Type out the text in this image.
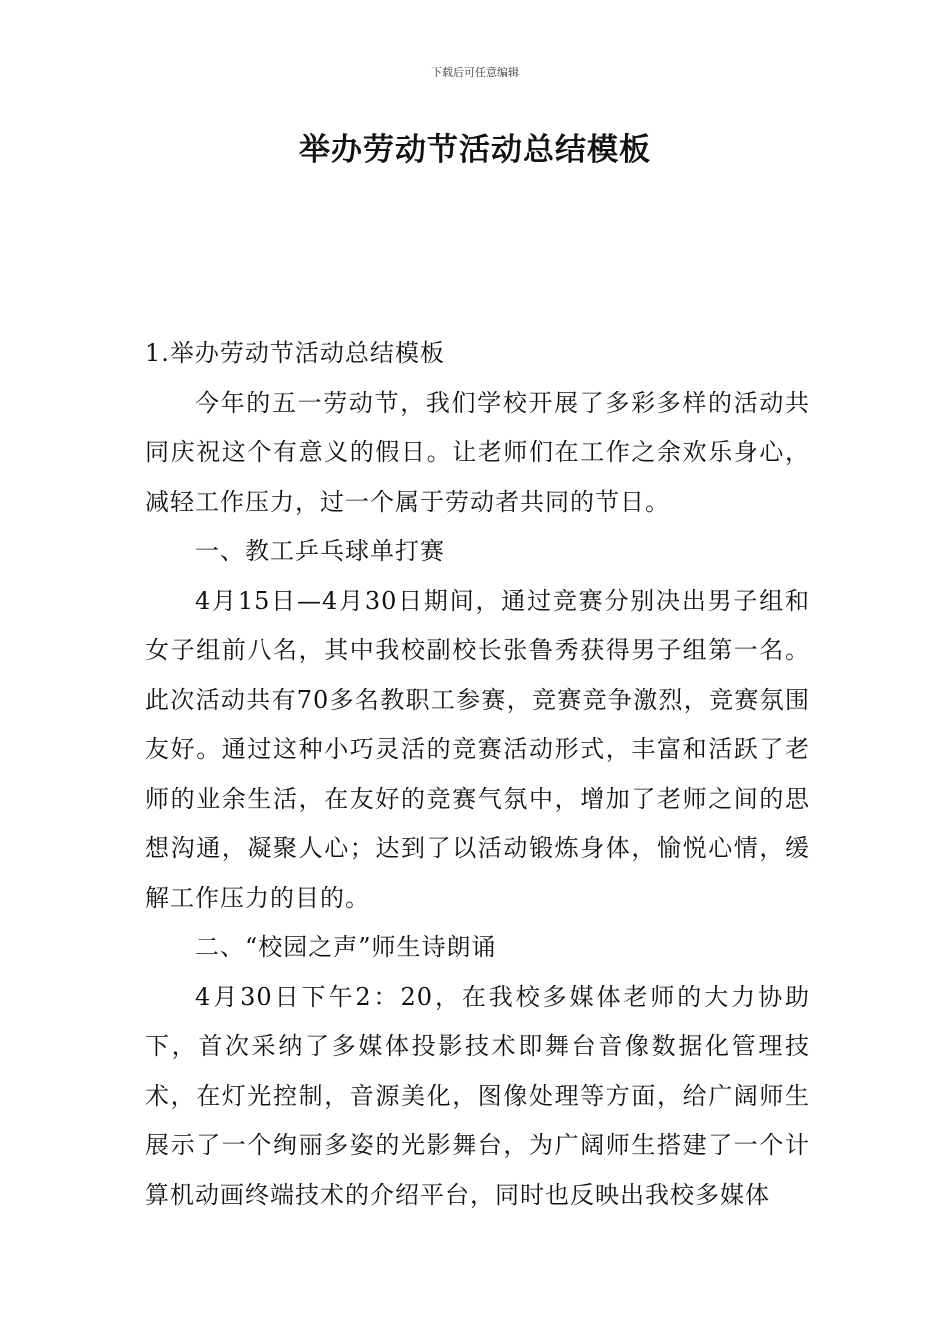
下载后可任意编辑
举办劳动节活动总结模板

1.举办劳动节活动总结模板

今年的五一劳动节，我们学校开展了多彩多样的活动共同庆祝这个有意义的假日。让老师们在工作之余欢乐身心，减轻工作压力，过一个属于劳动者共同的节日。

一、教工乒乓球单打赛

4月15日—4月30日期间，通过竞赛分别决出男子组和女子组前八名，其中我校副校长张鲁秀获得男子组第一名。此次活动共有70多名教职工参赛，竞赛竞争激烈，竞赛氛围友好。通过这种小巧灵活的竞赛活动形式，丰富和活跃了老师的业余生活，在友好的竞赛气氛中，增加了老师之间的思想沟通，凝聚人心；达到了以活动锻炼身体，愉悦心情，缓解工作压力的目的。

二、“校园之声”师生诗朗诵

4月30日下午2：20，在我校多媒体老师的大力协助下，首次采纳了多媒体投影技术即舞台音像数据化管理技术，在灯光控制，音源美化，图像处理等方面，给广阔师生展示了一个绚丽多姿的光影舞台，为广阔师生搭建了一个计算机动画终端技术的介绍平台，同时也反映出我校多媒体
